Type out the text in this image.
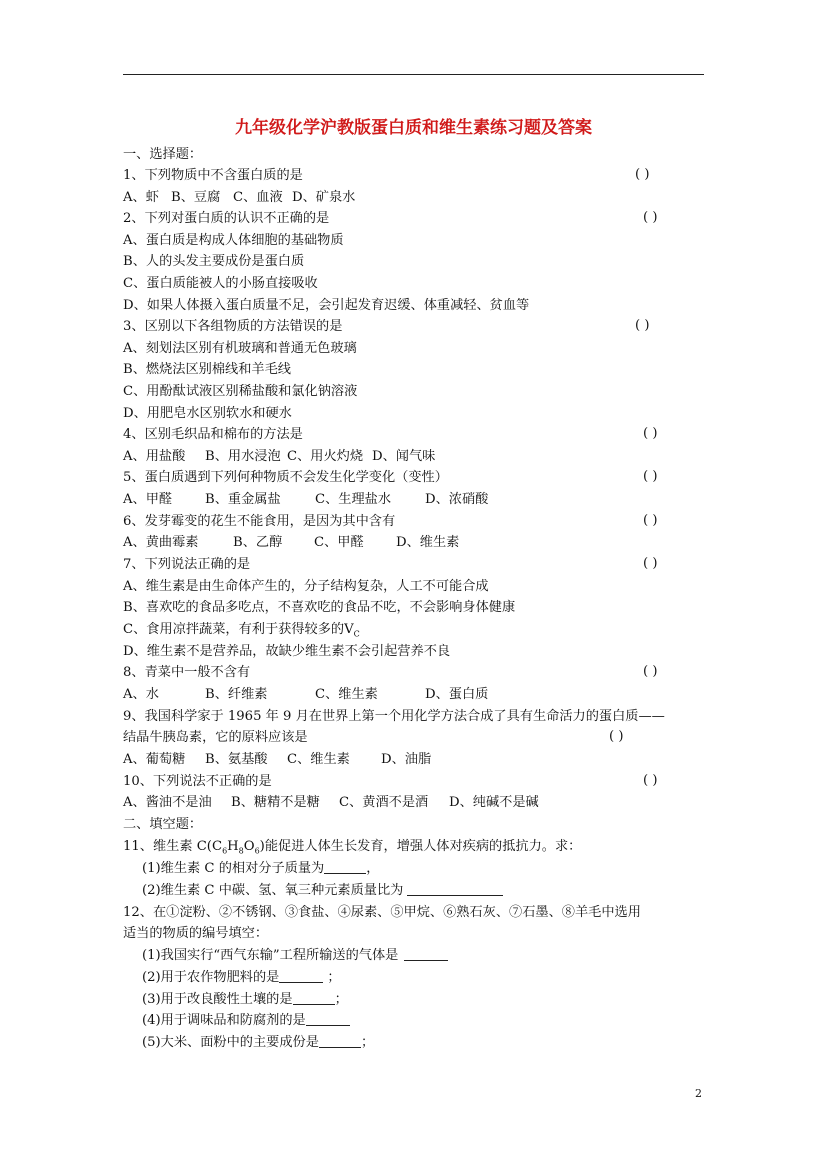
九年级化学沪教版蛋白质和维生素练习题及答案
一、选择题：
1、下列物质中不含蛋白质的是	( )
A、虾 B、豆腐 C、血液 D、矿泉水
2、下列对蛋白质的认识不正确的是	( )
A、蛋白质是构成人体细胞的基础物质
B、人的头发主要成份是蛋白质
C、蛋白质能被人的小肠直接吸收
D、如果人体摄入蛋白质量不足，会引起发育迟缓、体重减轻、贫血等
3、区别以下各组物质的方法错误的是	( )
A、刻划法区别有机玻璃和普通无色玻璃
B、燃烧法区别棉线和羊毛线
C、用酚酞试液区别稀盐酸和氯化钠溶液
D、用肥皂水区别软水和硬水
4、区别毛织品和棉布的方法是	( )
A、用盐酸 B、用水浸泡 C、用火灼烧 D、闻气味
5、蛋白质遇到下列何种物质不会发生化学变化（变性）	( )
A、甲醛 B、重金属盐	C、生理盐水	D、浓硝酸
6、发芽霉变的花生不能食用，是因为其中含有	( )
A、黄曲霉素	B、乙醇 C、甲醛 D、维生素
7、下列说法正确的是	( )
A、维生素是由生命体产生的，分子结构复杂，人工不可能合成
B、喜欢吃的食品多吃点，不喜欢吃的食品不吃，不会影响身体健康
C、食用凉拌蔬菜，有利于获得较多的$V_C$
D、维生素不是营养品，故缺少维生素不会引起营养不良
8、青菜中一般不含有	( )
A、水	B、纤维素	C、维生素	D、蛋白质
9、我国科学家于 1965 年 9 月在世界上第一个用化学方法合成了具有生命活力的蛋白质——
结晶牛胰岛素，它的原料应该是	( )
A、葡萄糖 B、氨基酸 C、维生素 D、油脂
10、下列说法不正确的是	( )
A、酱油不是油 B、糖精不是糖 C、黄酒不是酒 D、纯碱不是碱
二、填空题：
11、维生素 $C(C_6H_8O_6)$能促进人体生长发育，增强人体对疾病的抵抗力。求：
(1)维生素 C 的相对分子质量为	，
(2)维生素 C 中碳、氢、氧三种元素质量比为
12、在①淀粉、②不锈钢、③食盐、④尿素、⑤甲烷、⑥熟石灰、⑦石墨、⑧羊毛中选用
适当的物质的编号填空：
(1)我国实行“西气东输”工程所输送的气体是
(2)用于农作物肥料的是	；
(3)用于改良酸性土壤的是	；
(4)用于调味品和防腐剂的是
(5)大米、面粉中的主要成份是	；
2
